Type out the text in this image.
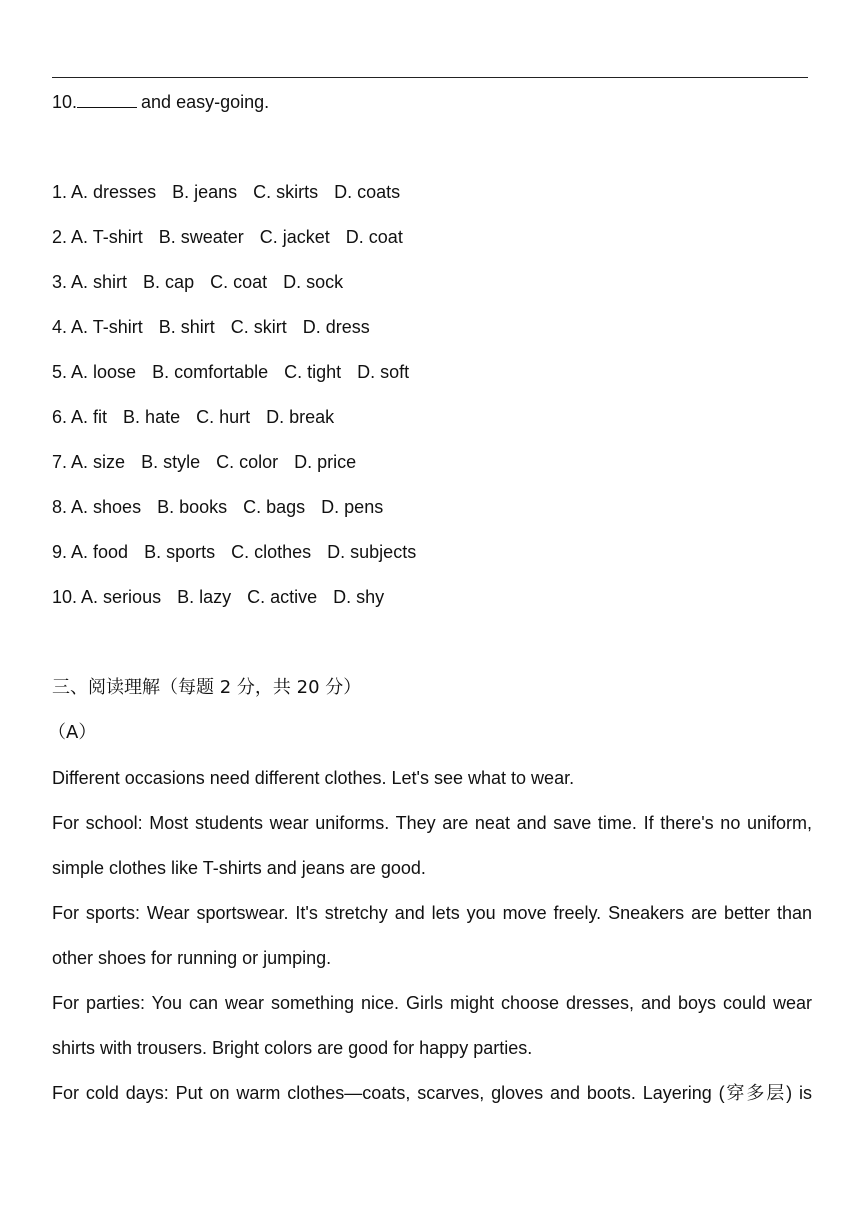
10.	and easy-going.
1. A. dresses B. jeans C. skirts D. coats
2. A. T-shirt B. sweater C. jacket D. coat
3. A. shirt B. cap C. coat D. sock
4. A. T-shirt B. shirt C. skirt D. dress
5. A. loose B. comfortable C. tight D. soft
6. A. fit B. hate C. hurt D. break
7. A. size B. style C. color D. price
8. A. shoes B. books C. bags D. pens
9. A. food B. sports C. clothes D. subjects
10. A. serious B. lazy C. active D. shy
三、阅读理解（每题 2 分，共 20 分）
（A）
Different occasions need different clothes. Let's see what to wear.
For school: Most students wear uniforms. They are neat and save time. If there's no uniform,
simple clothes like T-shirts and jeans are good.
For sports: Wear sportswear. It's stretchy and lets you move freely. Sneakers are better than
other shoes for running or jumping.
For parties: You can wear something nice. Girls might choose dresses, and boys could wear
shirts with trousers. Bright colors are good for happy parties.
For cold days: Put on warm clothes—coats, scarves, gloves and boots. Layering (穿多层) is
